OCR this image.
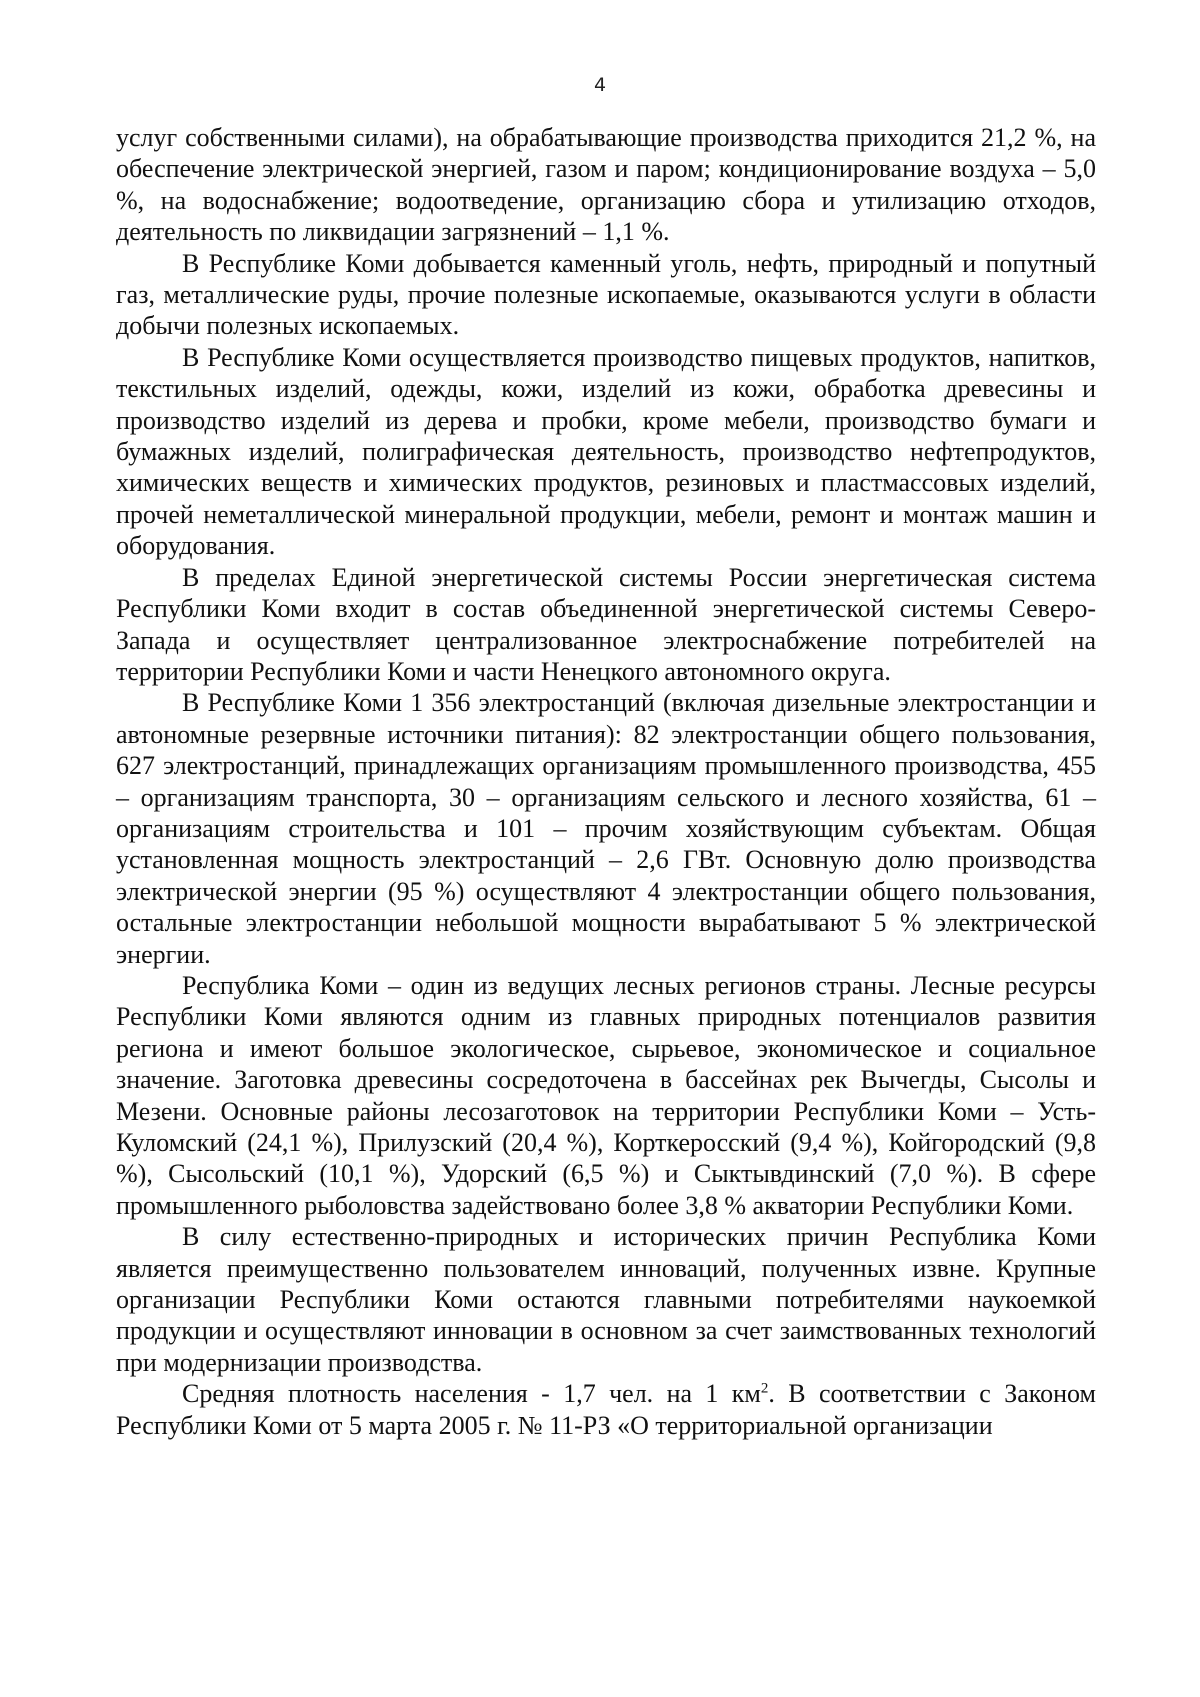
4

услуг собственными силами), на обрабатывающие производства приходится 21,2 %, на обеспечение электрической энергией, газом и паром; кондиционирование воздуха – 5,0 %, на водоснабжение; водоотведение, организацию сбора и утилизацию отходов, деятельность по ликвидации загрязнений – 1,1 %.

В Республике Коми добывается каменный уголь, нефть, природный и попутный газ, металлические руды, прочие полезные ископаемые, оказываются услуги в области добычи полезных ископаемых.

В Республике Коми осуществляется производство пищевых продуктов, напитков, текстильных изделий, одежды, кожи, изделий из кожи, обработка древесины и производство изделий из дерева и пробки, кроме мебели, производство бумаги и бумажных изделий, полиграфическая деятельность, производство нефтепродуктов, химических веществ и химических продуктов, резиновых и пластмассовых изделий, прочей неметаллической минеральной продукции, мебели, ремонт и монтаж машин и оборудования.

В пределах Единой энергетической системы России энергетическая система Республики Коми входит в состав объединенной энергетической системы Северо-Запада и осуществляет централизованное электроснабжение потребителей на территории Республики Коми и части Ненецкого автономного округа.

В Республике Коми 1 356 электростанций (включая дизельные электростанции и автономные резервные источники питания): 82 электростанции общего пользования, 627 электростанций, принадлежащих организациям промышленного производства, 455 – организациям транспорта, 30 – организациям сельского и лесного хозяйства, 61 – организациям строительства и 101 – прочим хозяйствующим субъектам. Общая установленная мощность электростанций – 2,6 ГВт. Основную долю производства электрической энергии (95 %) осуществляют 4 электростанции общего пользования, остальные электростанции небольшой мощности вырабатывают 5 % электрической энергии.

Республика Коми – один из ведущих лесных регионов страны. Лесные ресурсы Республики Коми являются одним из главных природных потенциалов развития региона и имеют большое экологическое, сырьевое, экономическое и социальное значение. Заготовка древесины сосредоточена в бассейнах рек Вычегды, Сысолы и Мезени. Основные районы лесозаготовок на территории Республики Коми – Усть-Куломский (24,1 %), Прилузский (20,4 %), Корткеросский (9,4 %), Койгородский (9,8 %), Сысольский (10,1 %), Удорский (6,5 %) и Сыктывдинский (7,0 %). В сфере промышленного рыболовства задействовано более 3,8 % акватории Республики Коми.

В силу естественно-природных и исторических причин Республика Коми является преимущественно пользователем инноваций, полученных извне. Крупные организации Республики Коми остаются главными потребителями наукоемкой продукции и осуществляют инновации в основном за счет заимствованных технологий при модернизации производства.

Средняя плотность населения - 1,7 чел. на 1 $км^2$. В соответствии с Законом Республики Коми от 5 марта 2005 г. № 11-РЗ «О территориальной организации
